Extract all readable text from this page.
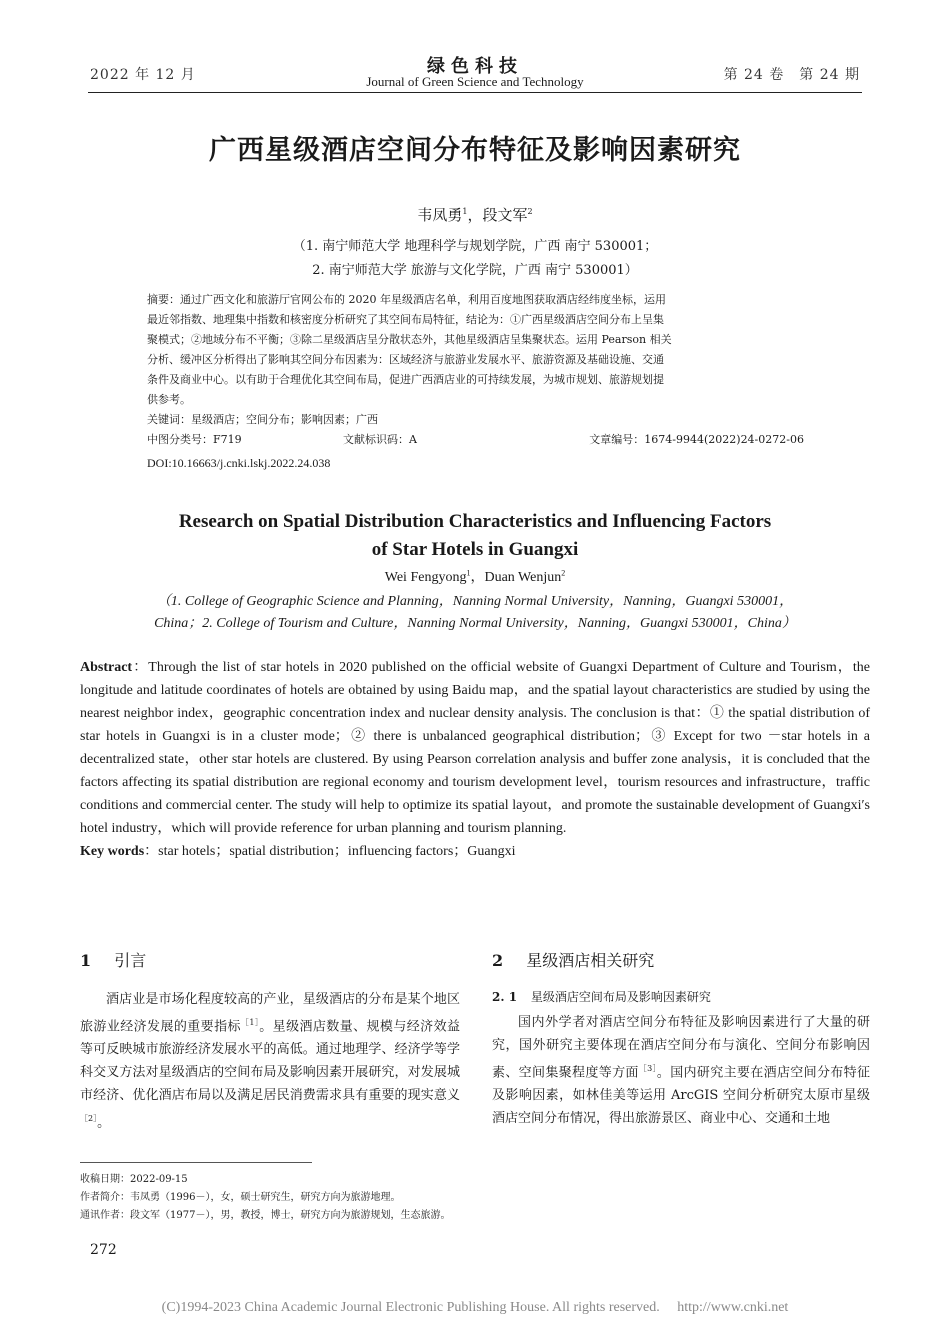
2022 年 12 月	绿色科技
Journal of Green Science and Technology	第 24 卷　第 24 期
广西星级酒店空间分布特征及影响因素研究
韦凤勇$^1$，段文军$^2$
（1. 南宁师范大学 地理科学与规划学院，广西 南宁 530001；
2. 南宁师范大学 旅游与文化学院，广西 南宁 530001）
摘要：通过广西文化和旅游厅官网公布的 2020 年星级酒店名单，利用百度地图获取酒店经纬度坐标，运用
最近邻指数、地理集中指数和核密度分析研究了其空间布局特征，结论为：①广西星级酒店空间分布上呈集
聚模式；②地域分布不平衡；③除二星级酒店呈分散状态外，其他星级酒店呈集聚状态。运用 Pearson 相关
分析、缓冲区分析得出了影响其空间分布因素为：区域经济与旅游业发展水平、旅游资源及基础设施、交通
条件及商业中心。以有助于合理优化其空间布局，促进广西酒店业的可持续发展，为城市规划、旅游规划提
供参考。
关键词：星级酒店；空间分布；影响因素；广西
中图分类号：F719	文献标识码：A	文章编号：1674-9944(2022)24-0272-06
DOI:10.16663/j.cnki.lskj.2022.24.038
Research on Spatial Distribution Characteristics and Influencing Factors
of Star Hotels in Guangxi
Wei Fengyong$^1$，Duan Wenjun$^2$
（1. College of Geographic Science and Planning，Nanning Normal University，Nanning，Guangxi 530001，
China；2. College of Tourism and Culture，Nanning Normal University，Nanning，Guangxi 530001，China）

Abstract：Through the list of star hotels in 2020 published on the official website of Guangxi Department of Culture and Tourism，the longitude and latitude coordinates of hotels are obtained by using Baidu map，and the spatial layout characteristics are studied by using the nearest neighbor index，geographic concentration index and nuclear density analysis. The conclusion is that：① the spatial distribution of star hotels in Guangxi is in a cluster mode；② there is unbalanced geographical distribution；③ Except for two －star hotels in a decentralized state，other star hotels are clustered. By using Pearson correlation analysis and buffer zone analysis，it is concluded that the factors affecting its spatial distribution are regional economy and tourism development level，tourism resources and infrastructure，traffic conditions and commercial center. The study will help to optimize its spatial layout，and promote the sustainable development of Guangxi′s hotel industry，which will provide reference for urban planning and tourism planning.

Key words：star hotels；spatial distribution；influencing factors；Guangxi

1 引言

酒店业是市场化程度较高的产业，星级酒店的分布是某个地区旅游业经济发展的重要指标$^{[1]}$。星级酒店数量、规模与经济效益等可反映城市旅游经济发展水平的高低。通过地理学、经济学等学科交叉方法对星级酒店的空间布局及影响因素开展研究，对发展城市经济、优化酒店布局以及满足居民消费需求具有重要的现实意义$^{[2]}$。

2 星级酒店相关研究
2. 1 星级酒店空间布局及影响因素研究

国内外学者对酒店空间分布特征及影响因素进行了大量的研究，国外研究主要体现在酒店空间分布与演化、空间分布影响因素、空间集聚程度等方面$^{[3]}$。国内研究主要在酒店空间分布特征及影响因素，如林佳美等运用 ArcGIS 空间分析研究太原市星级酒店空间分布情况，得出旅游景区、商业中心、交通和土地

收稿日期：2022-09-15
作者简介：韦凤勇（1996－），女，硕士研究生，研究方向为旅游地理。
通讯作者：段文军（1977－），男，教授，博士，研究方向为旅游规划，生态旅游。
272
(C)1994-2023 China Academic Journal Electronic Publishing House. All rights reserved.　 http://www.cnki.net
